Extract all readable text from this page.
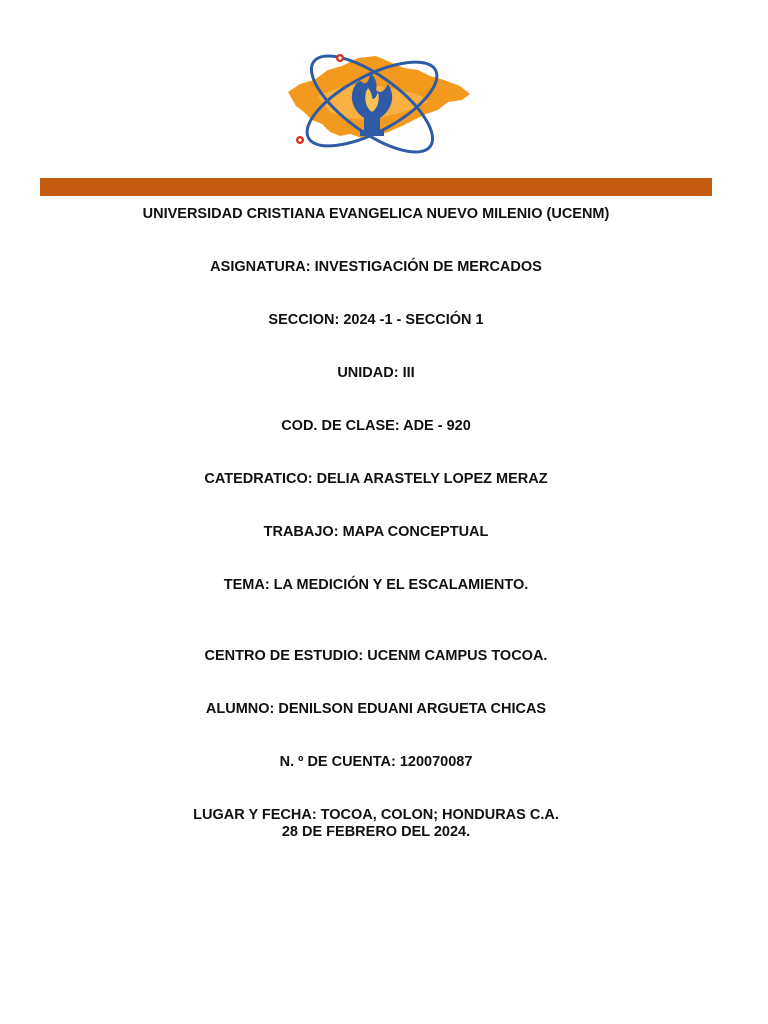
UNIVERSIDAD CRISTIANA EVANGELICA NUEVO MILENIO (UCENM)
ASIGNATURA: INVESTIGACIÓN DE MERCADOS
SECCION: 2024 -1 - SECCIÓN 1
UNIDAD: III
COD. DE CLASE: ADE - 920
CATEDRATICO: DELIA ARASTELY LOPEZ MERAZ
TRABAJO: MAPA CONCEPTUAL
TEMA: LA MEDICIÓN Y EL ESCALAMIENTO.
CENTRO DE ESTUDIO: UCENM CAMPUS TOCOA.
ALUMNO: DENILSON EDUANI ARGUETA CHICAS
N. º DE CUENTA: 120070087
LUGAR Y FECHA: TOCOA, COLON; HONDURAS C.A.
28 DE FEBRERO DEL 2024.
